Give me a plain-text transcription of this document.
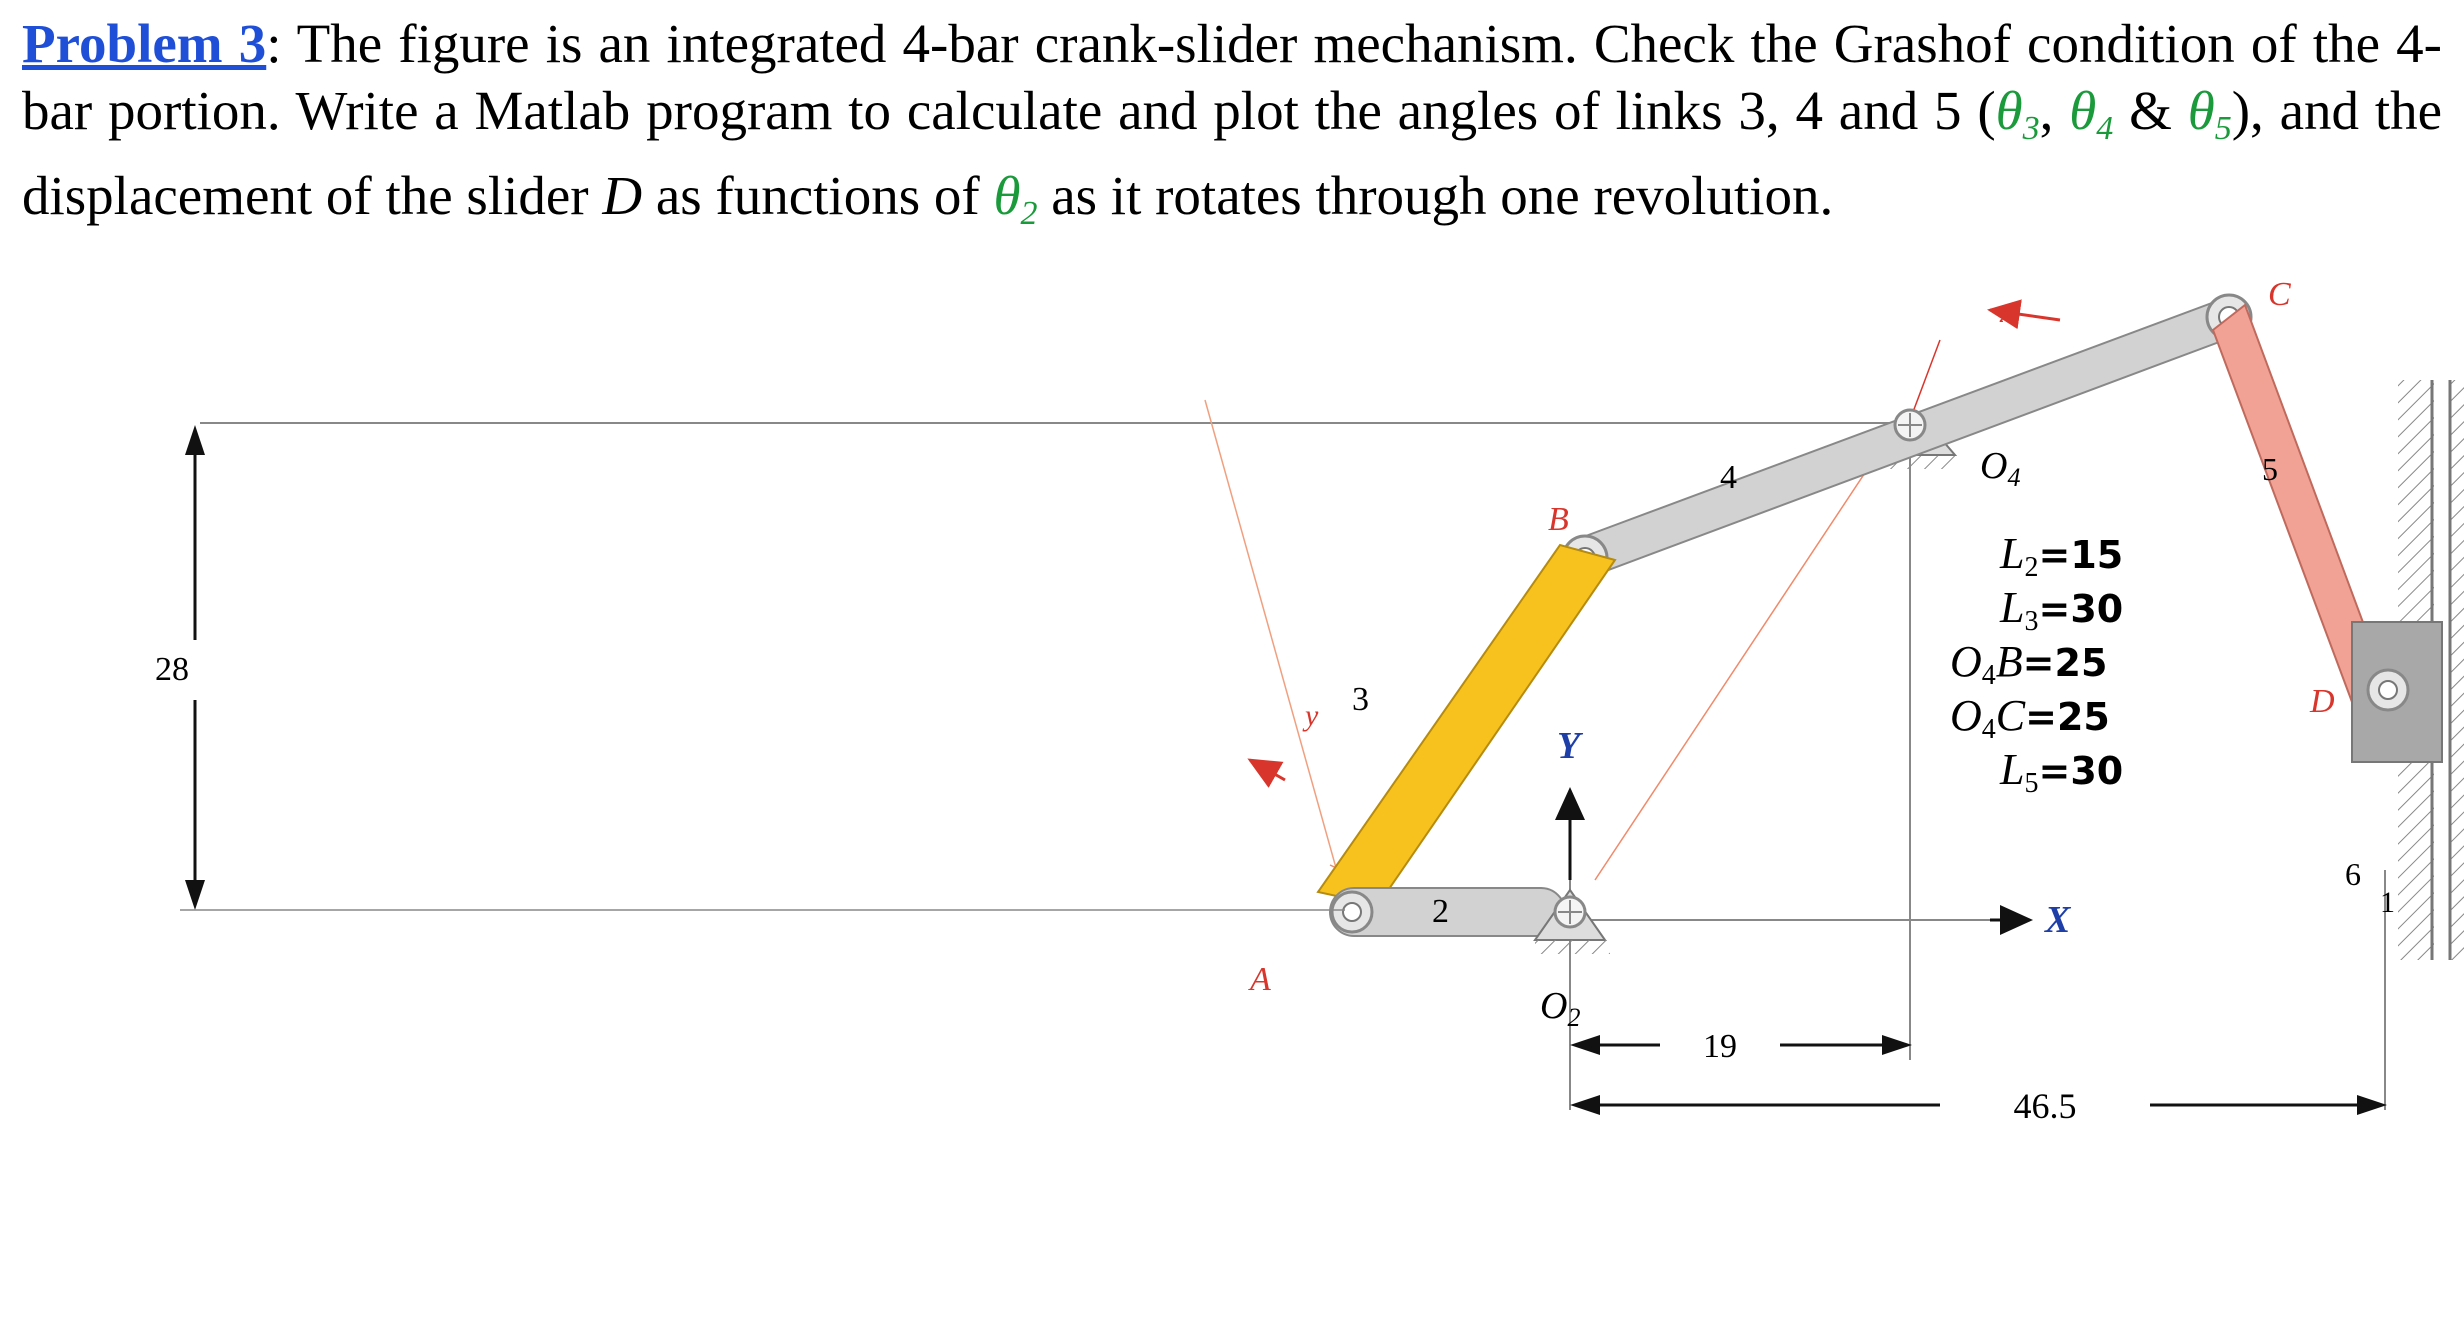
Problem 3: The figure is an integrated 4-bar crank-slider mechanism. Check the Grashof condition of the 4-bar portion. Write a Matlab program to calculate and plot the angles of links 3, 4 and 5 ($\theta_3$, $\theta_4$ & $\theta_5$), and the displacement of the slider D as functions of $\theta_2$ as it rotates through one revolution.
28
19
46.5
A
B
C
D
x
y
Y
X
$O_2$
$O_4$
2
3
4	5
6
1
L2=15
L3=30
O4B=25
O4C=25
L5=30
